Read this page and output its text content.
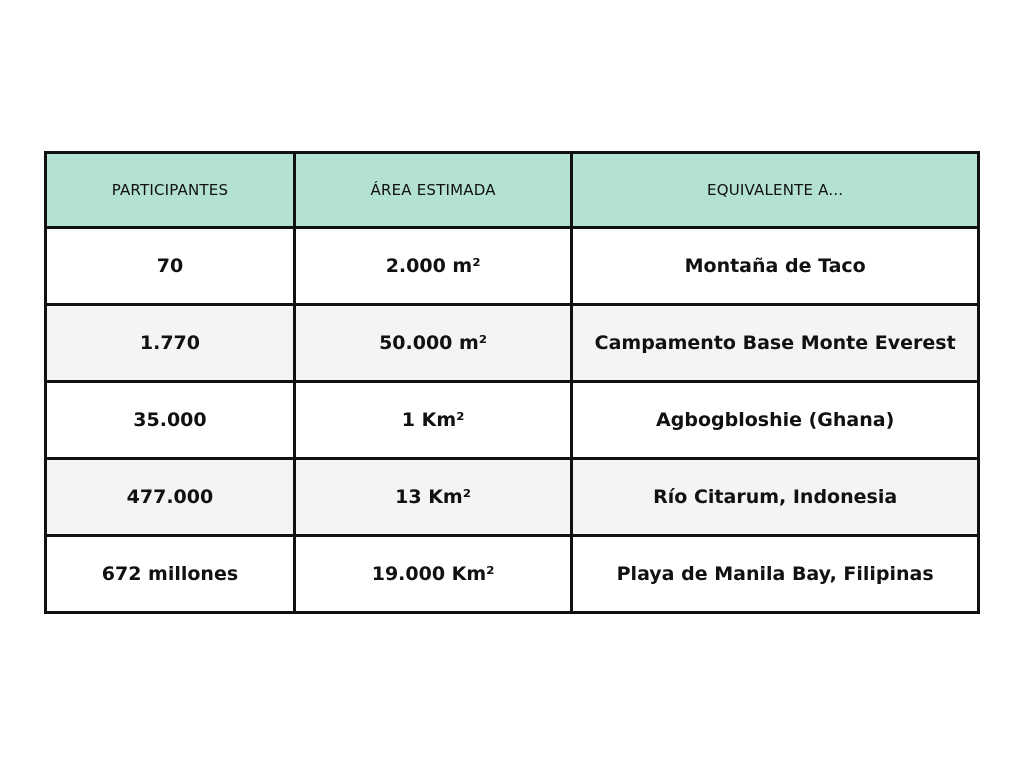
PARTICIPANTES	ÁREA ESTIMADA	EQUIVALENTE A...
70	2.000 m²	Montaña de Taco
1.770	50.000 m²	Campamento Base Monte Everest
35.000	1 Km²	Agbogbloshie (Ghana)
477.000	13 Km²	Río Citarum, Indonesia
672 millones	19.000 Km²	Playa de Manila Bay, Filipinas
